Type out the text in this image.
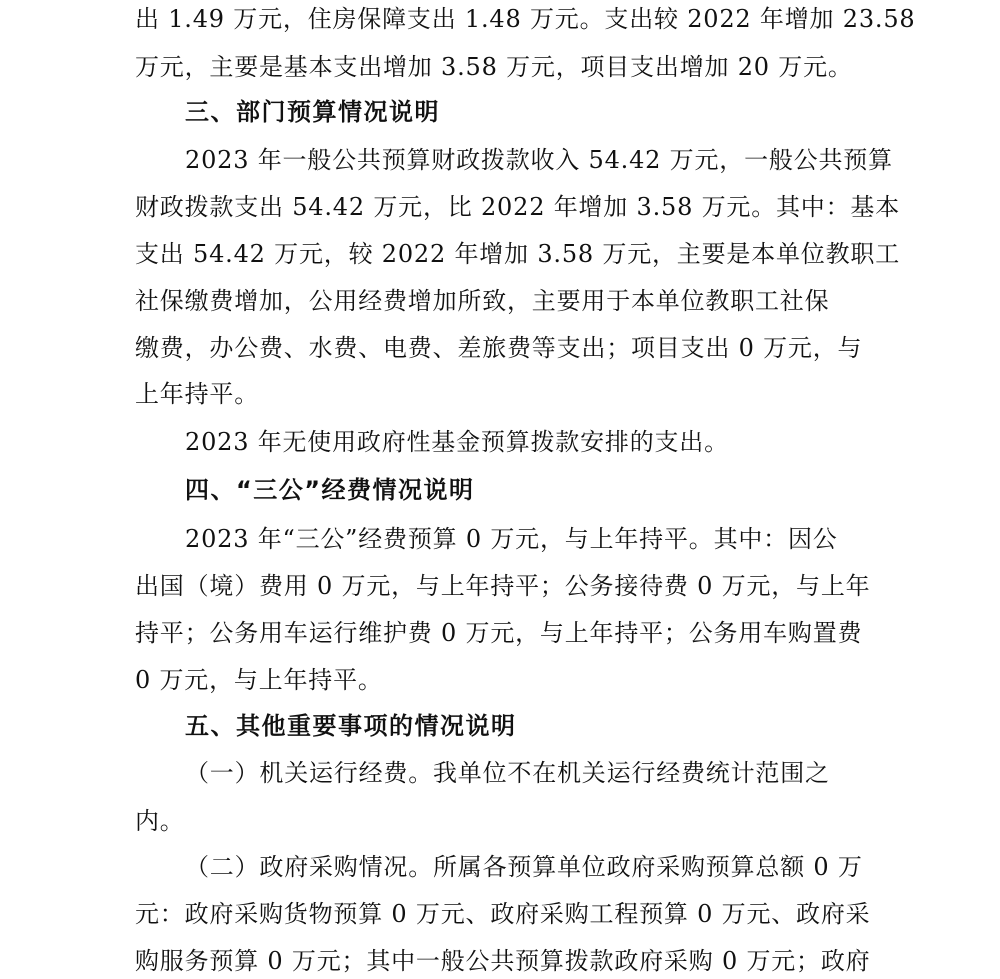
出 1.49 万元，住房保障支出 1.48 万元。支出较 2022 年增加 23.58
万元，主要是基本支出增加 3.58 万元，项目支出增加 20 万元。
三、部门预算情况说明
2023 年一般公共预算财政拨款收入 54.42 万元，一般公共预算
财政拨款支出 54.42 万元，比 2022 年增加 3.58 万元。其中：基本
支出 54.42 万元，较 2022 年增加 3.58 万元，主要是本单位教职工
社保缴费增加，公用经费增加所致，主要用于本单位教职工社保
缴费，办公费、水费、电费、差旅费等支出；项目支出 0 万元，与
上年持平。
2023 年无使用政府性基金预算拨款安排的支出。
四、“三公”经费情况说明
2023 年“三公”经费预算 0 万元，与上年持平。其中：因公
出国（境）费用 0 万元，与上年持平；公务接待费 0 万元，与上年
持平；公务用车运行维护费 0 万元，与上年持平；公务用车购置费
0 万元，与上年持平。
五、其他重要事项的情况说明
（一）机关运行经费。我单位不在机关运行经费统计范围之
内。
（二）政府采购情况。所属各预算单位政府采购预算总额 0 万
元：政府采购货物预算 0 万元、政府采购工程预算 0 万元、政府采
购服务预算 0 万元；其中一般公共预算拨款政府采购 0 万元；政府
